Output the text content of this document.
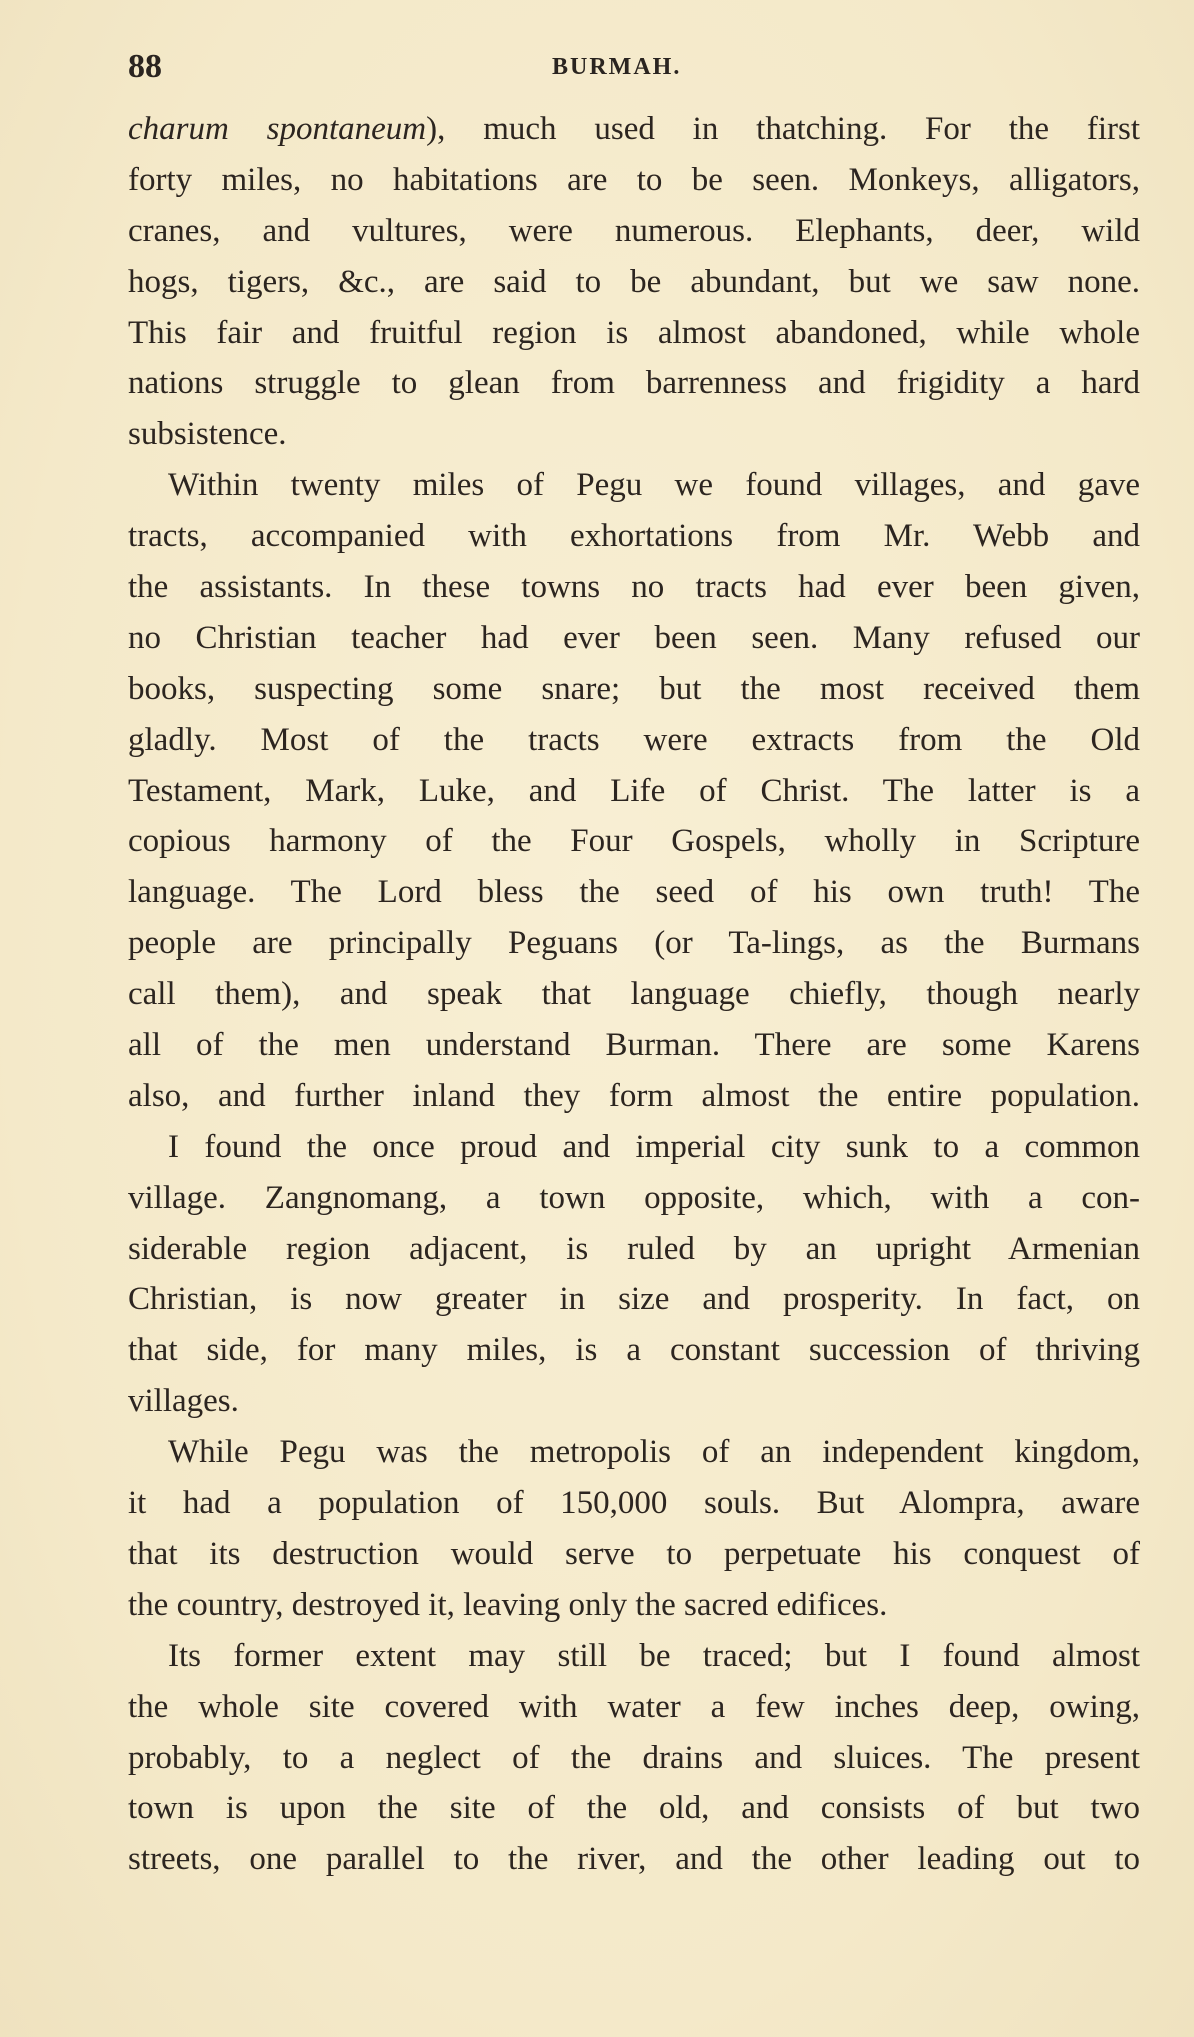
88	BURMAH.
charum spontaneum), much used in thatching. For the first
forty miles, no habitations are to be seen. Monkeys, alligators,
cranes, and vultures, were numerous. Elephants, deer, wild
hogs, tigers, &c., are said to be abundant, but we saw none.
This fair and fruitful region is almost abandoned, while whole
nations struggle to glean from barrenness and frigidity a hard
subsistence.
Within twenty miles of Pegu we found villages, and gave
tracts, accompanied with exhortations from Mr. Webb and
the assistants. In these towns no tracts had ever been given,
no Christian teacher had ever been seen. Many refused our
books, suspecting some snare; but the most received them
gladly. Most of the tracts were extracts from the Old
Testament, Mark, Luke, and Life of Christ. The latter is a
copious harmony of the Four Gospels, wholly in Scripture
language. The Lord bless the seed of his own truth! The
people are principally Peguans (or Ta-lings, as the Burmans
call them), and speak that language chiefly, though nearly
all of the men understand Burman. There are some Karens
also, and further inland they form almost the entire population.
I found the once proud and imperial city sunk to a common
village. Zangnomang, a town opposite, which, with a con-
siderable region adjacent, is ruled by an upright Armenian
Christian, is now greater in size and prosperity. In fact, on
that side, for many miles, is a constant succession of thriving
villages.
While Pegu was the metropolis of an independent kingdom,
it had a population of 150,000 souls. But Alompra, aware
that its destruction would serve to perpetuate his conquest of
the country, destroyed it, leaving only the sacred edifices.
Its former extent may still be traced; but I found almost
the whole site covered with water a few inches deep, owing,
probably, to a neglect of the drains and sluices. The present
town is upon the site of the old, and consists of but two
streets, one parallel to the river, and the other leading out to
